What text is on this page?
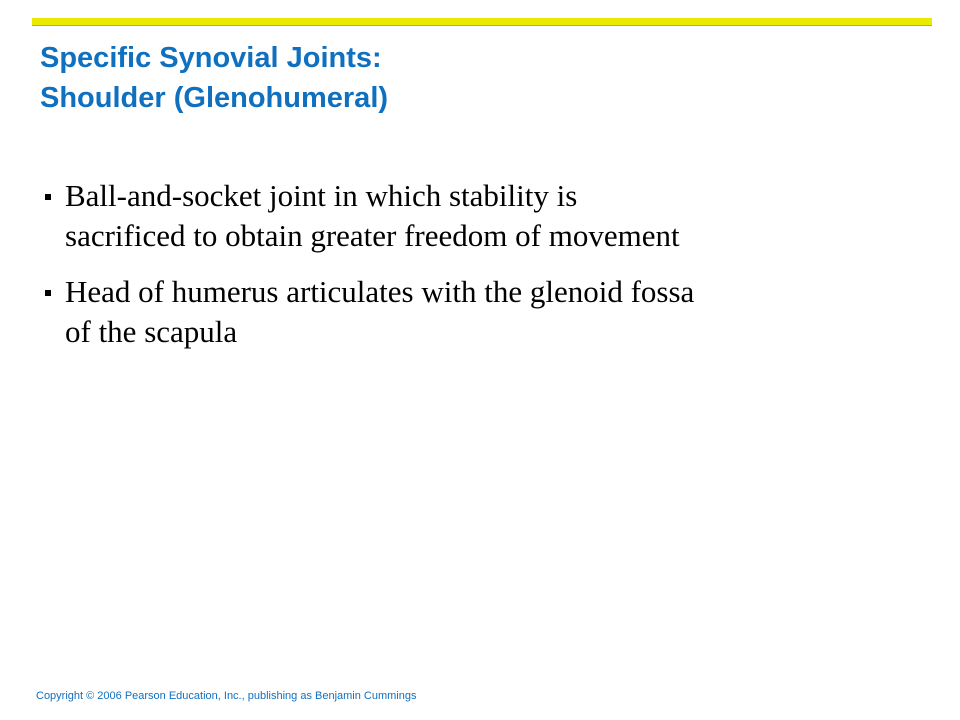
Specific Synovial Joints:
Shoulder (Glenohumeral)
Ball-and-socket joint in which stability is
sacrificed to obtain greater freedom of movement
Head of humerus articulates with the glenoid fossa
of the scapula

Copyright © 2006 Pearson Education, Inc., publishing as Benjamin Cummings
